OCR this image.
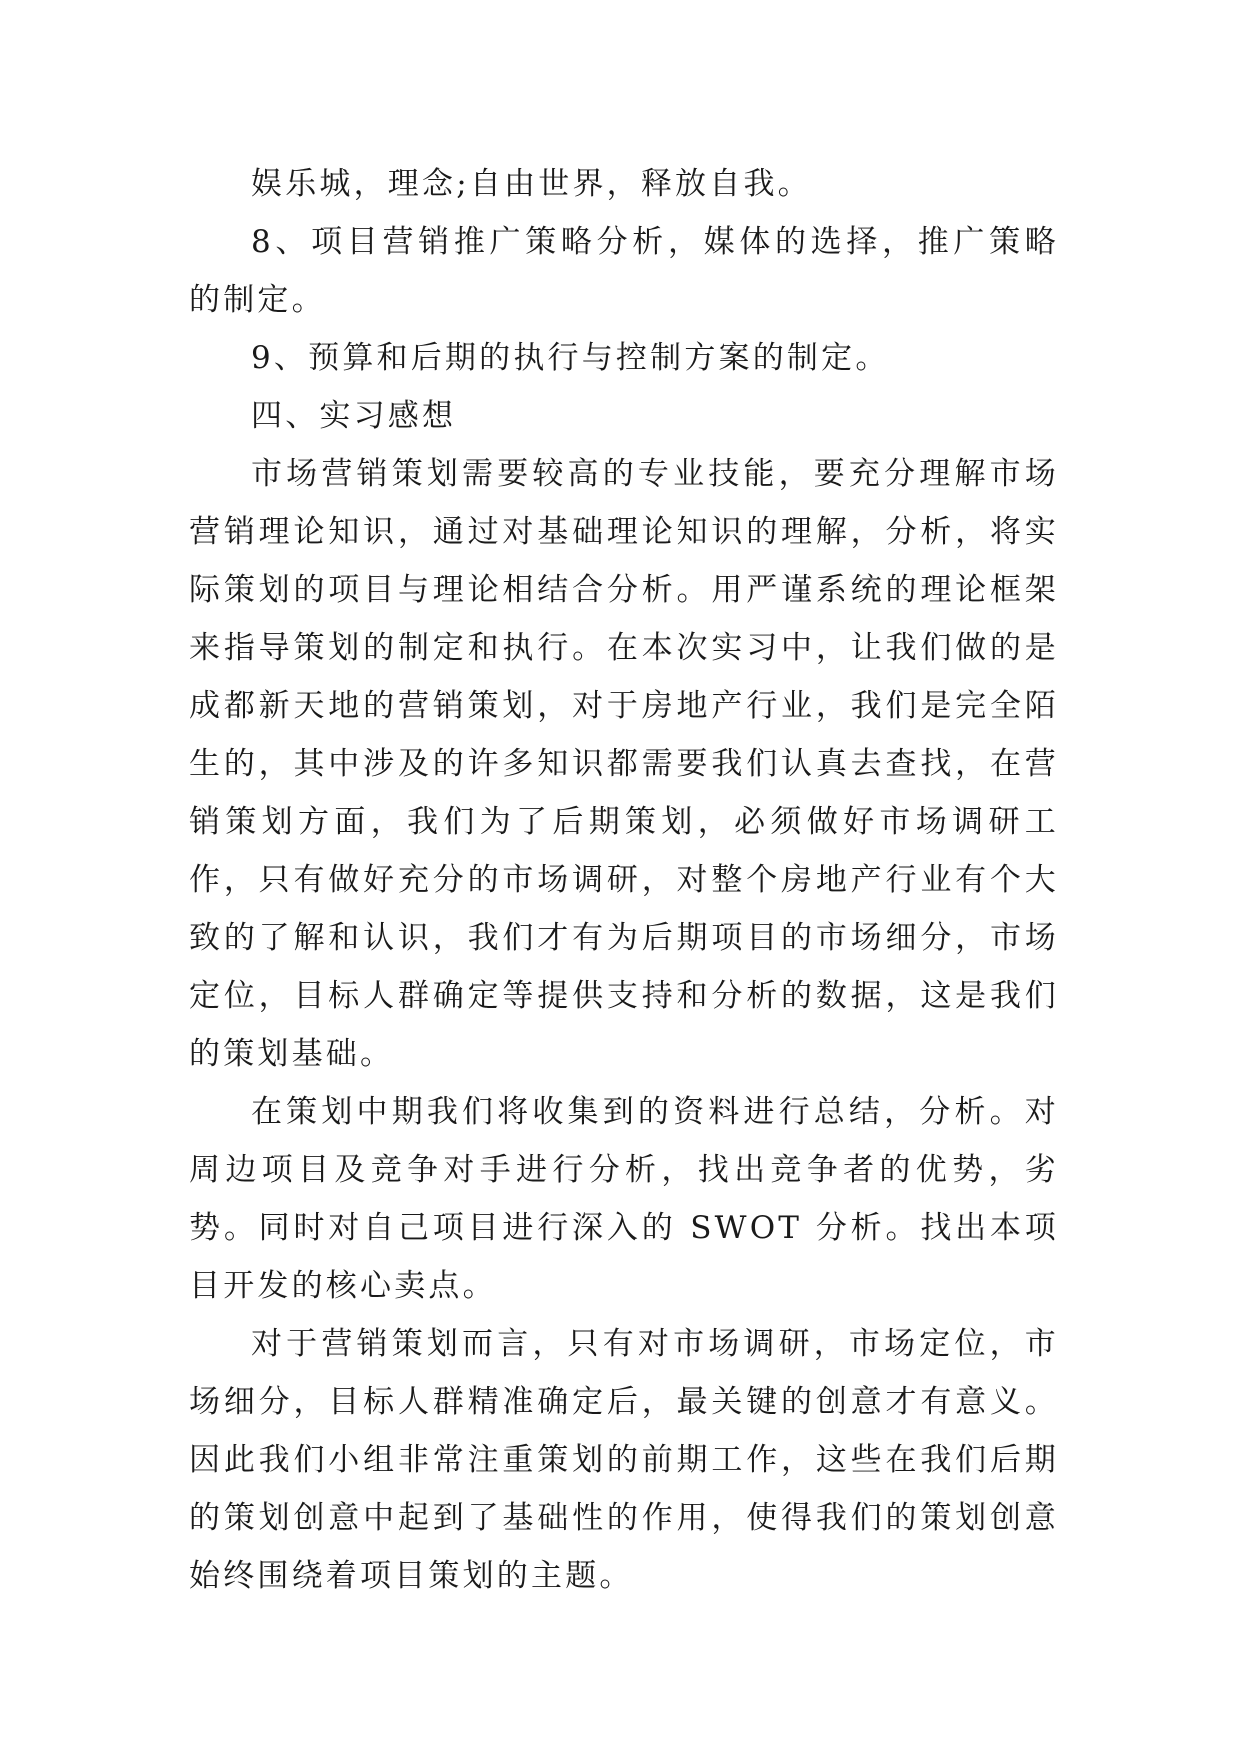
娱乐城，理念;自由世界，释放自我。

8、项目营销推广策略分析，媒体的选择，推广策略的制定。

9、预算和后期的执行与控制方案的制定。

四、实习感想

市场营销策划需要较高的专业技能，要充分理解市场营销理论知识，通过对基础理论知识的理解，分析，将实际策划的项目与理论相结合分析。用严谨系统的理论框架来指导策划的制定和执行。在本次实习中，让我们做的是成都新天地的营销策划，对于房地产行业，我们是完全陌生的，其中涉及的许多知识都需要我们认真去查找，在营销策划方面，我们为了后期策划，必须做好市场调研工作，只有做好充分的市场调研，对整个房地产行业有个大致的了解和认识，我们才有为后期项目的市场细分，市场定位，目标人群确定等提供支持和分析的数据，这是我们的策划基础。

在策划中期我们将收集到的资料进行总结，分析。对周边项目及竞争对手进行分析，找出竞争者的优势，劣势。同时对自己项目进行深入的 SWOT 分析。找出本项目开发的核心卖点。

对于营销策划而言，只有对市场调研，市场定位，市场细分，目标人群精准确定后，最关键的创意才有意义。因此我们小组非常注重策划的前期工作，这些在我们后期的策划创意中起到了基础性的作用，使得我们的策划创意始终围绕着项目策划的主题。
